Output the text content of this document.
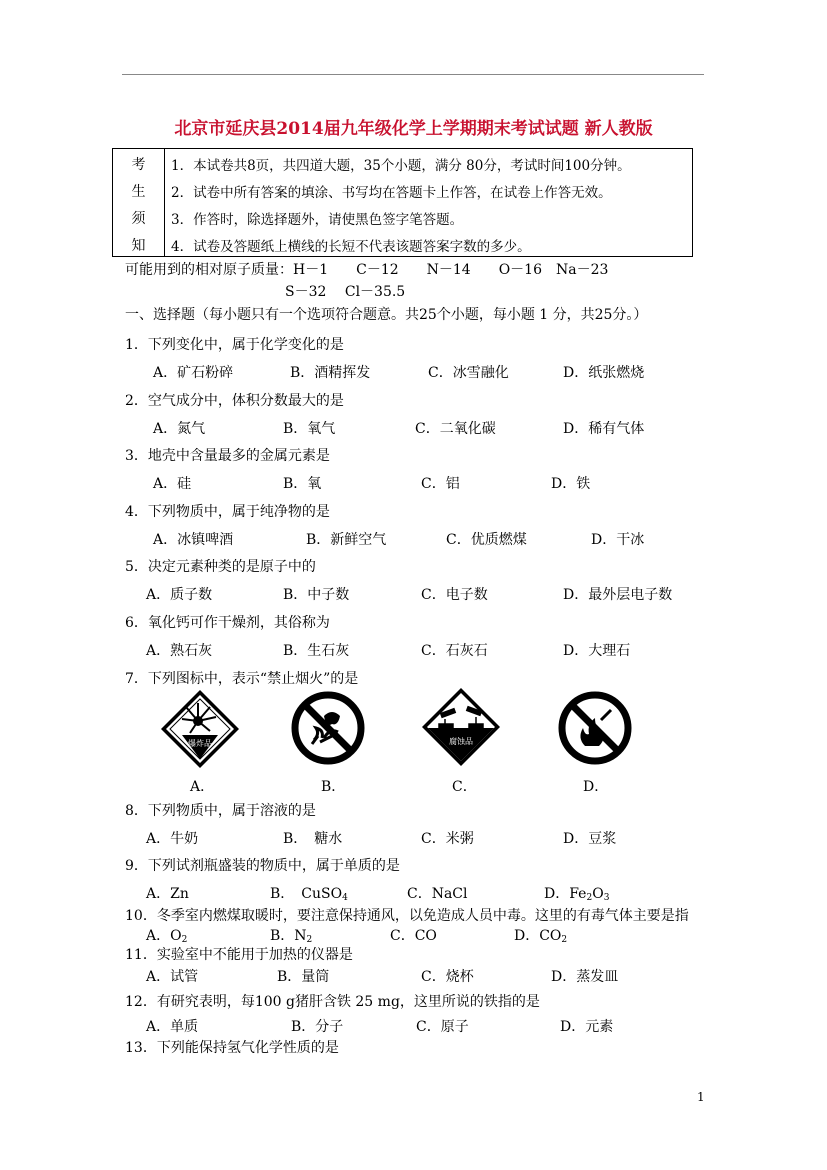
北京市延庆县2014届九年级化学上学期期末考试试题 新人教版
考
生
须
知
1．本试卷共8页，共四道大题，35个小题，满分 80分，考试时间100分钟。
2．试卷中所有答案的填涂、书写均在答题卡上作答，在试卷上作答无效。
3．作答时，除选择题外，请使黑色签字笔答题。
4．试卷及答题纸上横线的长短不代表该题答案字数的多少。
可能用到的相对原子质量：H－1　　C－12　　N－14　　O－16　Na－23
S－32　 Cl－35.5
一、选择题（每小题只有一个选项符合题意。共25个小题，每小题 1 分，共25分。）
1．下列变化中，属于化学变化的是
A．矿石粉碎	B．酒精挥发	C．冰雪融化	D．纸张燃烧
2．空气成分中，体积分数最大的是
A．氮气	B．氧气	C．二氧化碳	D．稀有气体
3．地壳中含量最多的金属元素是
A．硅	B．氧	C．铝	D．铁
4．下列物质中，属于纯净物的是
A．冰镇啤酒	B．新鲜空气	C．优质燃煤	D．干冰
5．决定元素种类的是原子中的
A．质子数	B．中子数	C．电子数	D．最外层电子数
6．氧化钙可作干燥剂，其俗称为
A．熟石灰	B．生石灰	C．石灰石	D．大理石
7．下列图标中，表示“禁止烟火”的是
爆炸品	腐蚀品
A．	B．	C．	D．
8．下列物质中，属于溶液的是
A．牛奶	B．　糖水	C．米粥	D．豆浆
9．下列试剂瓶盛装的物质中，属于单质的是
A．Zn	B．　CuSO$_4$	C．NaCl	D．$Fe_2O_3$
10．冬季室内燃煤取暖时，要注意保持通风，以免造成人员中毒。这里的有毒气体主要是指
A．$O_2$	B．$N_2$	C．CO	D．$CO_2$
11．实验室中不能用于加热的仪器是
A．试管	B．量筒	C．烧杯	D．蒸发皿
12．有研究表明，每100 g猪肝含铁 25 mg，这里所说的铁指的是
A．单质	B．分子	C．原子	D．元素
13．下列能保持氢气化学性质的是
1
